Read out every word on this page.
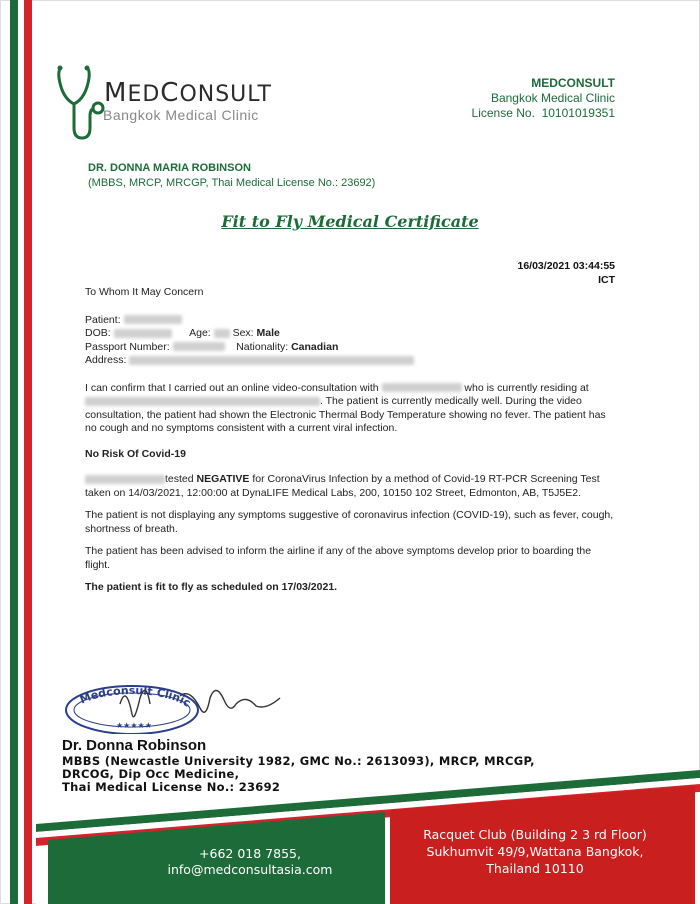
MEDCONSULT
Bangkok Medical Clinic
MEDCONSULT
Bangkok Medical Clinic
License No. 10101019351
DR. DONNA MARIA ROBINSON
(MBBS, MRCP, MRCGP, Thai Medical License No.: 23692)
Fit to Fly Medical Certificate
16/03/2021 03:44:55
ICT

To Whom It May Concern

Patient:
DOB:	Age: Sex: Male
Passport Number:	Nationality: Canadian
Address:

I can confirm that I carried out an online video-consultation with	who is currently residing at . The patient is currently medically well. During the video consultation, the patient had shown the Electronic Thermal Body Temperature showing no fever. The patient has no cough and no symptoms consistent with a current viral infection.

No Risk Of Covid-19

tested NEGATIVE for CoronaVirus Infection by a method of Covid-19 RT-PCR Screening Test taken on 14/03/2021, 12:00:00 at DynaLIFE Medical Labs, 200, 10150 102 Street, Edmonton, AB, T5J5E2.

The patient is not displaying any symptoms suggestive of coronavirus infection (COVID-19), such as fever, cough, shortness of breath.

The patient has been advised to inform the airline if any of the above symptoms develop prior to boarding the flight.

The patient is fit to fly as scheduled on 17/03/2021.

Medconsult Clinic
★★★★★
Dr. Donna Robinson
MBBS (Newcastle University 1982, GMC No.: 2613093), MRCP, MRCGP,
DRCOG, Dip Occ Medicine,
Thai Medical License No.: 23692
+662 018 7855,
info@medconsultasia.com
Racquet Club (Building 2 3 rd Floor)
Sukhumvit 49/9,Wattana Bangkok,
Thailand 10110
